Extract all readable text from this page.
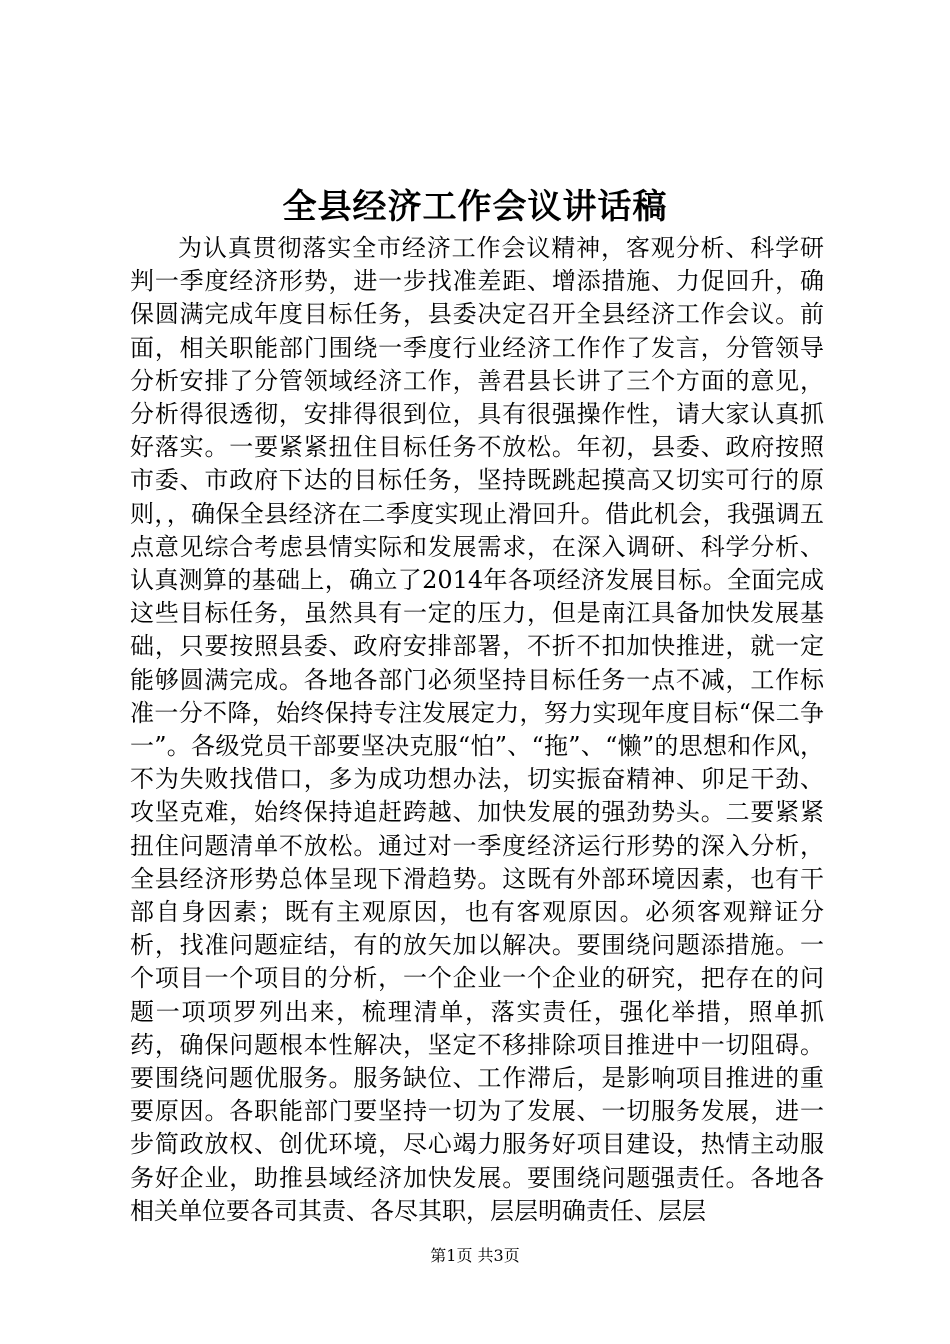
全县经济工作会议讲话稿

为认真贯彻落实全市经济工作会议精神，客观分析、科学研判一季度经济形势，进一步找准差距、增添措施、力促回升，确保圆满完成年度目标任务，县委决定召开全县经济工作会议。前面，相关职能部门围绕一季度行业经济工作作了发言，分管领导分析安排了分管领域经济工作，善君县长讲了三个方面的意见，分析得很透彻，安排得很到位，具有很强操作性，请大家认真抓好落实。一要紧紧扭住目标任务不放松。年初，县委、政府按照市委、市政府下达的目标任务，坚持既跳起摸高又切实可行的原则，，确保全县经济在二季度实现止滑回升。借此机会，我强调五点意见综合考虑县情实际和发展需求，在深入调研、科学分析、认真测算的基础上，确立了2014年各项经济发展目标。全面完成这些目标任务，虽然具有一定的压力，但是南江具备加快发展基础，只要按照县委、政府安排部署，不折不扣加快推进，就一定能够圆满完成。各地各部门必须坚持目标任务一点不减，工作标准一分不降，始终保持专注发展定力，努力实现年度目标“保二争一”。各级党员干部要坚决克服“怕”、“拖”、“懒”的思想和作风，不为失败找借口，多为成功想办法，切实振奋精神、卯足干劲、攻坚克难，始终保持追赶跨越、加快发展的强劲势头。二要紧紧扭住问题清单不放松。通过对一季度经济运行形势的深入分析，全县经济形势总体呈现下滑趋势。这既有外部环境因素，也有干部自身因素；既有主观原因，也有客观原因。必须客观辩证分析，找准问题症结，有的放矢加以解决。要围绕问题添措施。一个项目一个项目的分析，一个企业一个企业的研究，把存在的问题一项项罗列出来，梳理清单，落实责任，强化举措，照单抓药，确保问题根本性解决，坚定不移排除项目推进中一切阻碍。要围绕问题优服务。服务缺位、工作滞后，是影响项目推进的重要原因。各职能部门要坚持一切为了发展、一切服务发展，进一步简政放权、创优环境，尽心竭力服务好项目建设，热情主动服务好企业，助推县域经济加快发展。要围绕问题强责任。各地各相关单位要各司其责、各尽其职，层层明确责任、层层

第1页 共3页
